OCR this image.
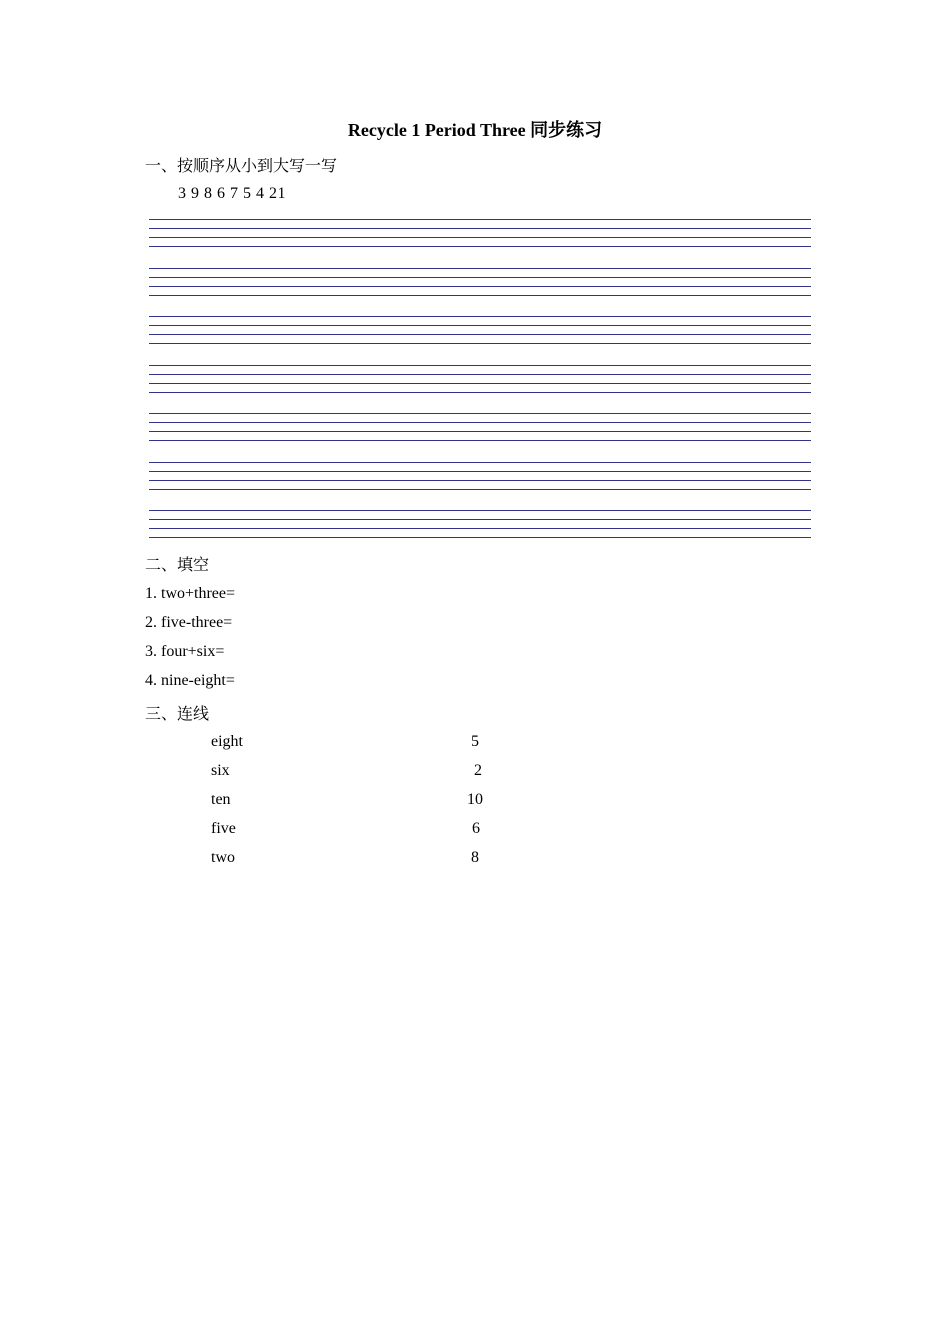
Recycle 1 Period Three 同步练习
一、按顺序从小到大写一写
3 9 8 6 7 5 4 21
二、填空
1. two+three=
2. five-three=
3. four+six=
4. nine-eight=
三、连线
eight
six
ten
five
two
5
2
10
6
8
